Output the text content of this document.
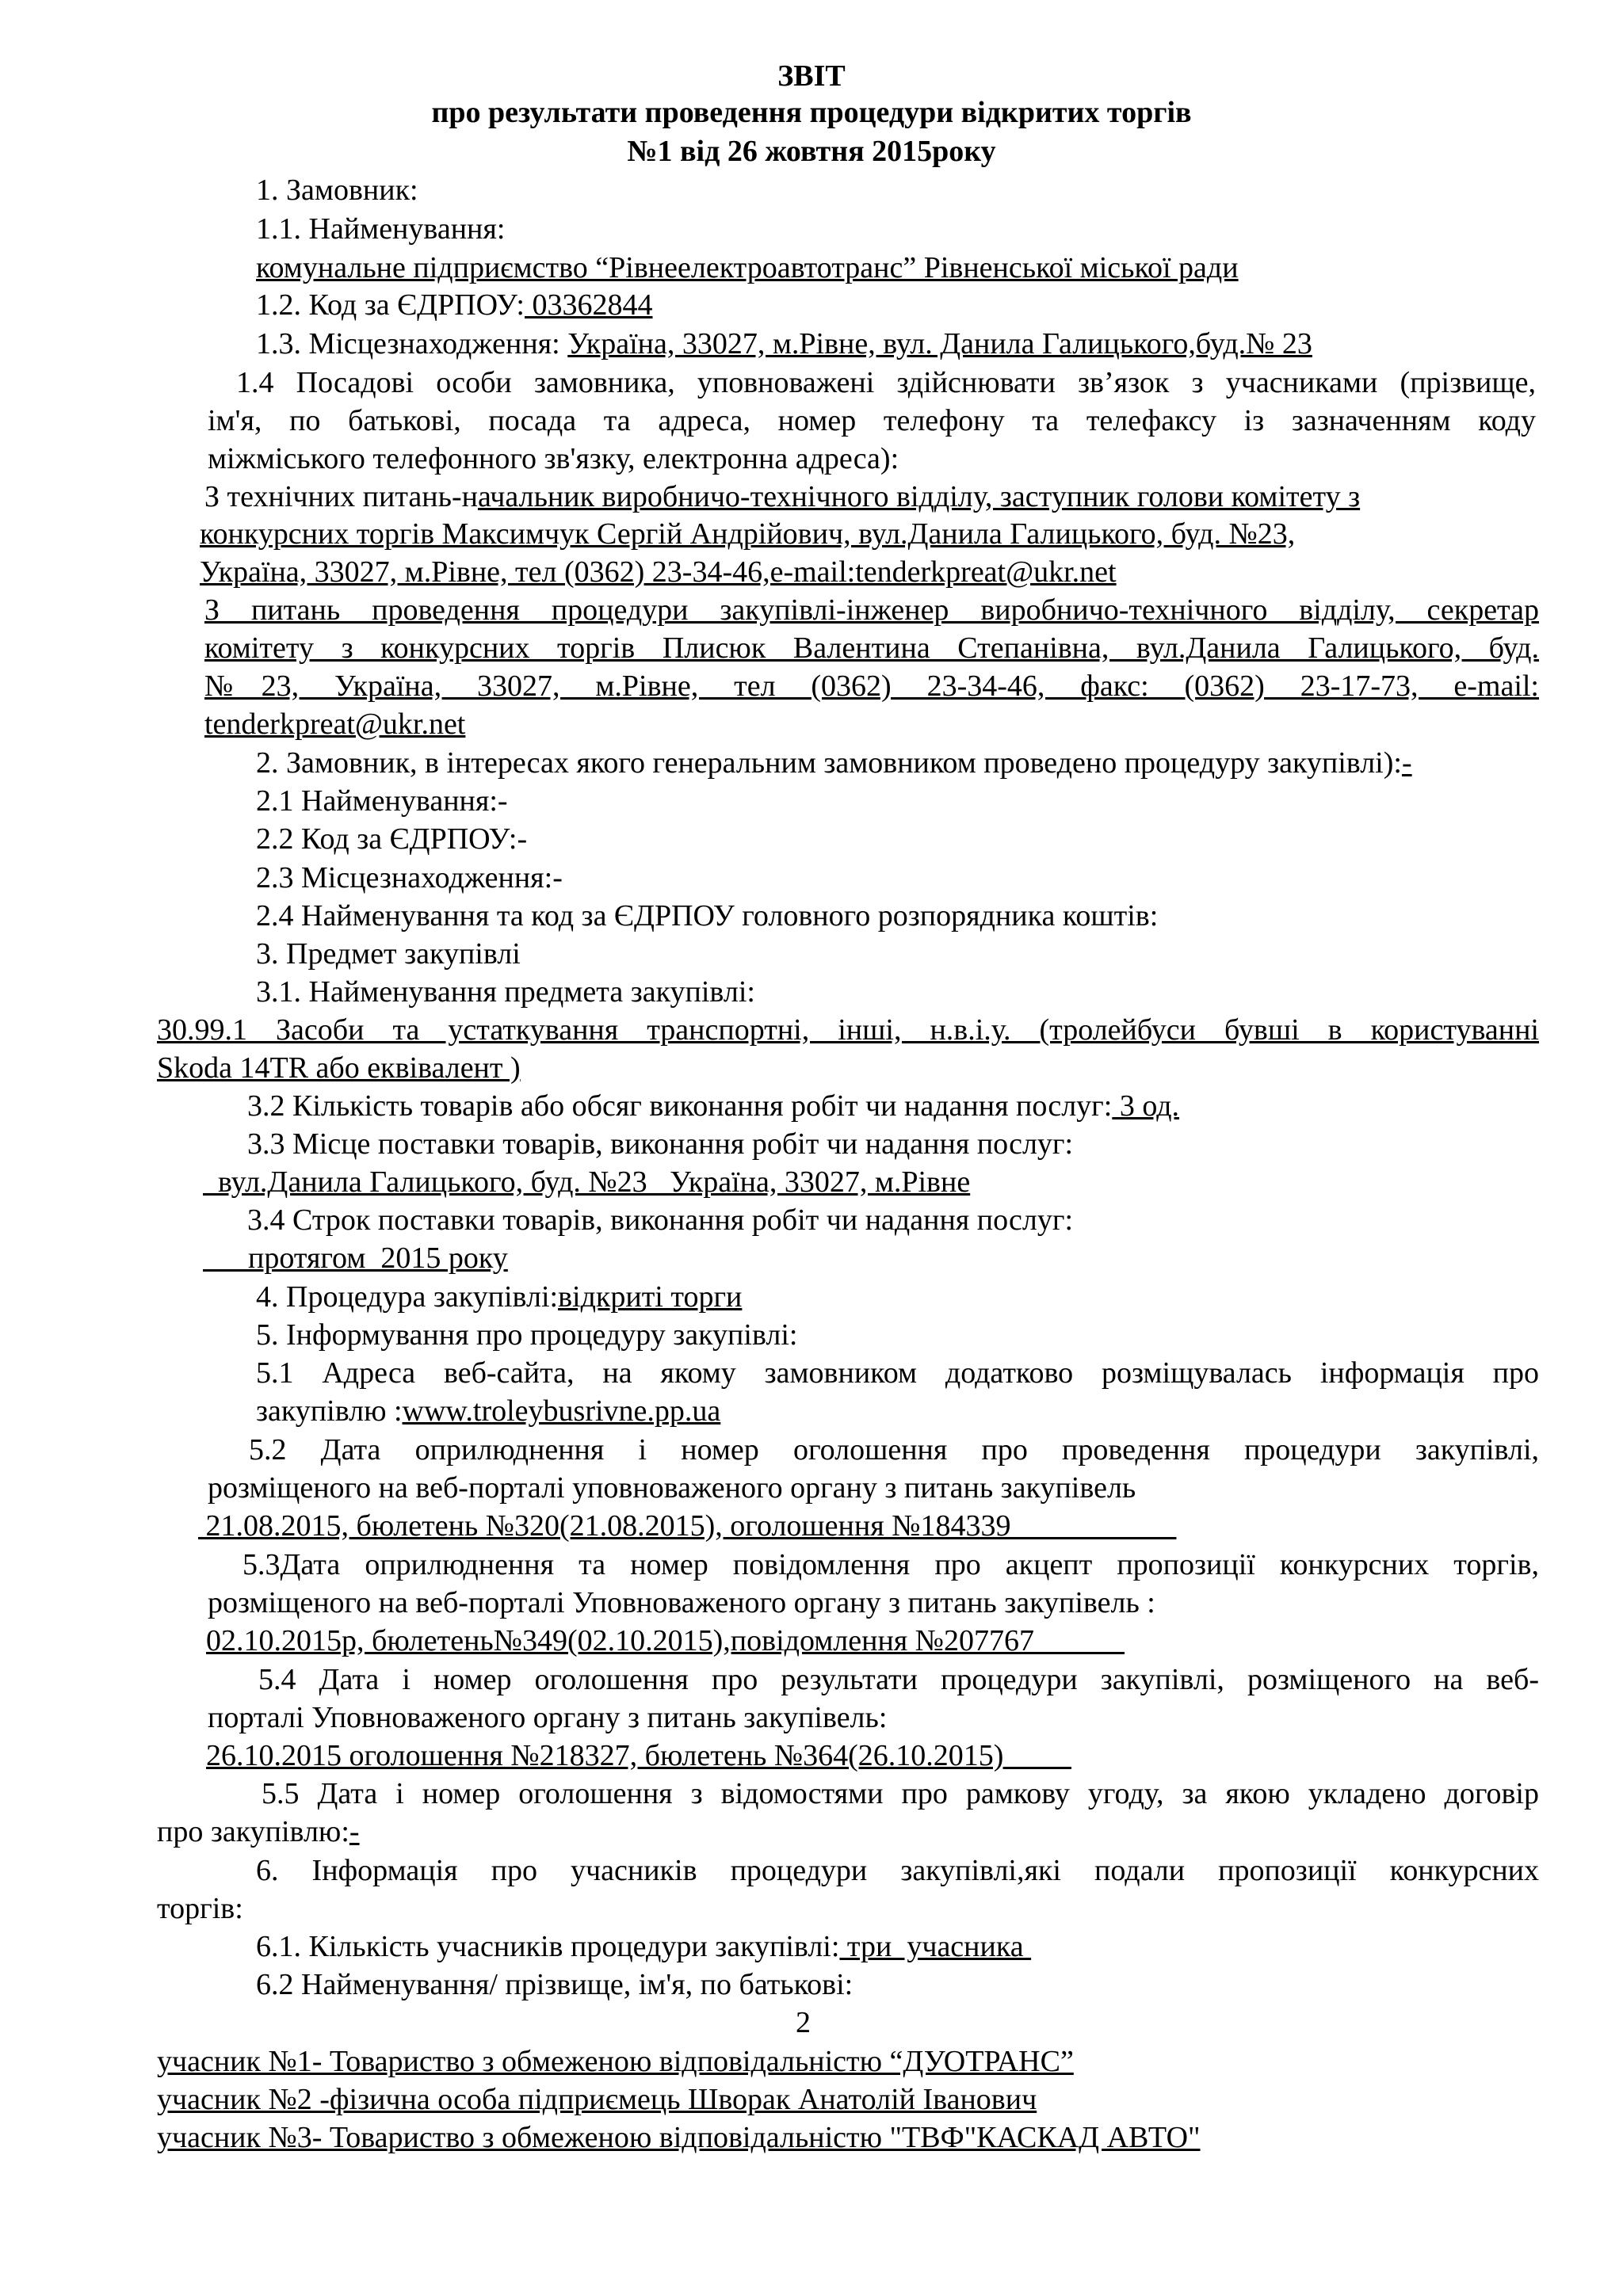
ЗВІТ
про результати проведення процедури відкритих торгів
№1 від 26 жовтня 2015року
1. Замовник:
1.1. Найменування:
комунальне підприємство “Рівнеелектроавтотранс” Рівненської міської ради
1.2. Код за ЄДРПОУ: 03362844
1.3. Місцезнаходження: Україна, 33027, м.Рівне, вул. Данила Галицького,буд.№ 23
1.4 Посадові особи замовника, уповноважені здійснювати зв’язок з учасниками (прізвище,
ім'я, по батькові, посада та адреса, номер телефону та телефаксу із зазначенням коду
міжміського телефонного зв'язку, електронна адреса):
З технічних питань-начальник виробничо-технічного відділу, заступник голови комітету з
конкурсних торгів Максимчук Сергій Андрійович, вул.Данила Галицького, буд. №23,
Україна, 33027, м.Рівне, тел (0362) 23-34-46,e-mail:tenderkpreat@ukr.net
З питань проведення процедури закупівлі-інженер виробничо-технічного відділу, секретар
комітету з конкурсних торгів Плисюк Валентина Степанівна, вул.Данила Галицького, буд.
№23, Україна, 33027, м.Рівне, тел (0362) 23-34-46, факс: (0362) 23-17-73, e-mail:
tenderkpreat@ukr.net
2. Замовник, в інтересах якого генеральним замовником проведено процедуру закупівлі):-
2.1 Найменування:-
2.2 Код за ЄДРПОУ:-
2.3 Місцезнаходження:-
2.4 Найменування та код за ЄДРПОУ головного розпорядника коштів:
3. Предмет закупівлі
3.1. Найменування предмета закупівлі:
30.99.1 Засоби та устаткування транспортні, інші, н.в.і.у. (тролейбуси бувші в користуванні
Skoda 14TR або еквівалент )
3.2 Кількість товарів або обсяг виконання робіт чи надання послуг: 3 од.
3.3 Місце поставки товарів, виконання робіт чи надання послуг:
вул.Данила Галицького, буд. №23   Україна, 33027, м.Рівне
3.4 Строк поставки товарів, виконання робіт чи надання послуг:
протягом  2015 року
4. Процедура закупівлі:відкриті торги
5. Інформування про процедуру закупівлі:
5.1 Адреса веб-сайта, на якому замовником додатково розміщувалась інформація про
закупівлю :www.troleybusrivne.pp.ua
5.2 Дата оприлюднення і номер оголошення про проведення процедури закупівлі,
розміщеного на веб-порталі уповноваженого органу з питань закупівель
21.08.2015, бюлетень №320(21.08.2015), оголошення №184339
5.3Дата оприлюднення та номер повідомлення про акцепт пропозиції конкурсних торгів,
розміщеного на веб-порталі Уповноваженого органу з питань закупівель :
02.10.2015р, бюлетень№349(02.10.2015),повідомлення №207767
5.4 Дата і номер оголошення про результати процедури закупівлі, розміщеного на веб-
порталі Уповноваженого органу з питань закупівель:
26.10.2015 оголошення №218327, бюлетень №364(26.10.2015)
5.5 Дата і номер оголошення з відомостями про рамкову угоду, за якою укладено договір
про закупівлю:-
6. Інформація про учасників процедури закупівлі,які подали пропозиції конкурсних
торгів:
6.1. Кількість учасників процедури закупівлі: три  учасника
6.2 Найменування/ прізвище, ім'я, по батькові:
2
учасник №1- Товариство з обмеженою відповідальністю “ДУОТРАНС”
учасник №2 -фізична особа підприємець Шворак Анатолій Іванович
учасник №3- Товариство з обмеженою відповідальністю "ТВФ"КАСКАД АВТО"
